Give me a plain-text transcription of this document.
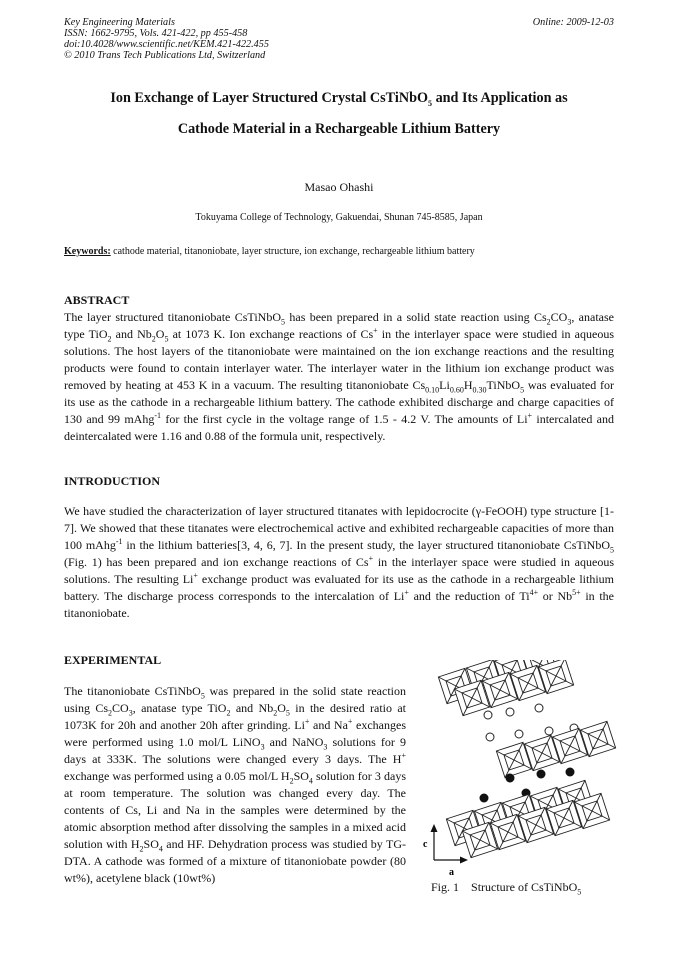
Key Engineering Materials
ISSN: 1662-9795, Vols. 421-422, pp 455-458
doi:10.4028/www.scientific.net/KEM.421-422.455
© 2010 Trans Tech Publications Ltd, Switzerland
Online: 2009-12-03
Ion Exchange of Layer Structured Crystal CsTiNbO$_5$ and Its Application as
Cathode Material in a Rechargeable Lithium Battery
Masao Ohashi
Tokuyama College of Technology, Gakuendai, Shunan 745-8585, Japan
Keywords: cathode material, titanoniobate, layer structure, ion exchange, rechargeable lithium battery
ABSTRACT

The layer structured titanoniobate CsTiNbO$_5$ has been prepared in a solid state reaction using $Cs_2CO_3$, anatase type TiO$_2$ and $Nb_2O_5$ at 1073 K. Ion exchange reactions of Cs+ in the interlayer space were studied in aqueous solutions. The host layers of the titanoniobate were maintained on the ion exchange reactions and the resulting products were found to contain interlayer water. The interlayer water in the lithium ion exchange product was removed by heating at 453 K in a vacuum. The resulting titanoniobate $Cs_{0.10}Li_{0.60}H_{0.30}TiNbO_5$ was evaluated for its use as the cathode in a rechargeable lithium battery. The cathode exhibited discharge and charge capacities of 130 and 99 mAhg$^{-1}$ for the first cycle in the voltage range of 1.5 - 4.2 V. The amounts of Li+ intercalated and deintercalated were 1.16 and 0.88 of the formula unit, respectively.

INTRODUCTION

We have studied the characterization of layer structured titanates with lepidocrocite (γ-FeOOH) type structure [1-7]. We showed that these titanates were electrochemical active and exhibited rechargeable capacities of more than 100 mAhg$^{-1}$ in the lithium batteries[3, 4, 6, 7]. In the present study, the layer structured titanoniobate CsTiNbO$_5$ (Fig. 1) has been prepared and ion exchange reactions of Cs+ in the interlayer space were studied in aqueous solutions. The resulting Li+ exchange product was evaluated for its use as the cathode in a rechargeable lithium battery. The discharge process corresponds to the intercalation of Li+ and the reduction of $Ti^{4+}$ or $Nb^{5+}$ in the titanoniobate.

EXPERIMENTAL

The titanoniobate CsTiNbO$_5$ was prepared in the solid state reaction using $Cs_2CO_3$, anatase type TiO$_2$ and $Nb_2O_5$ in the desired ratio at 1073K for 20h and another 20h after grinding. Li+ and Na+ exchanges were performed using 1.0 mol/L LiNO$_3$ and NaNO$_3$ solutions for 9 days at 333K. The solutions were changed every 3 days. The H+ exchange was performed using a 0.05 mol/L $H_2SO_4$ solution for 3 days at room temperature. The solution was changed every day. The contents of Cs, Li and Na in the samples were determined by the atomic absorption method after dissolving the samples in a mixed acid solution with $H_2SO_4$ and HF. Dehydration process was studied by TG-DTA. A cathode was formed of a mixture of titanoniobate powder (80 wt%), acetylene black (10wt%)

c
a
Fig. 1 Structure of CsTiNbO$_5$
